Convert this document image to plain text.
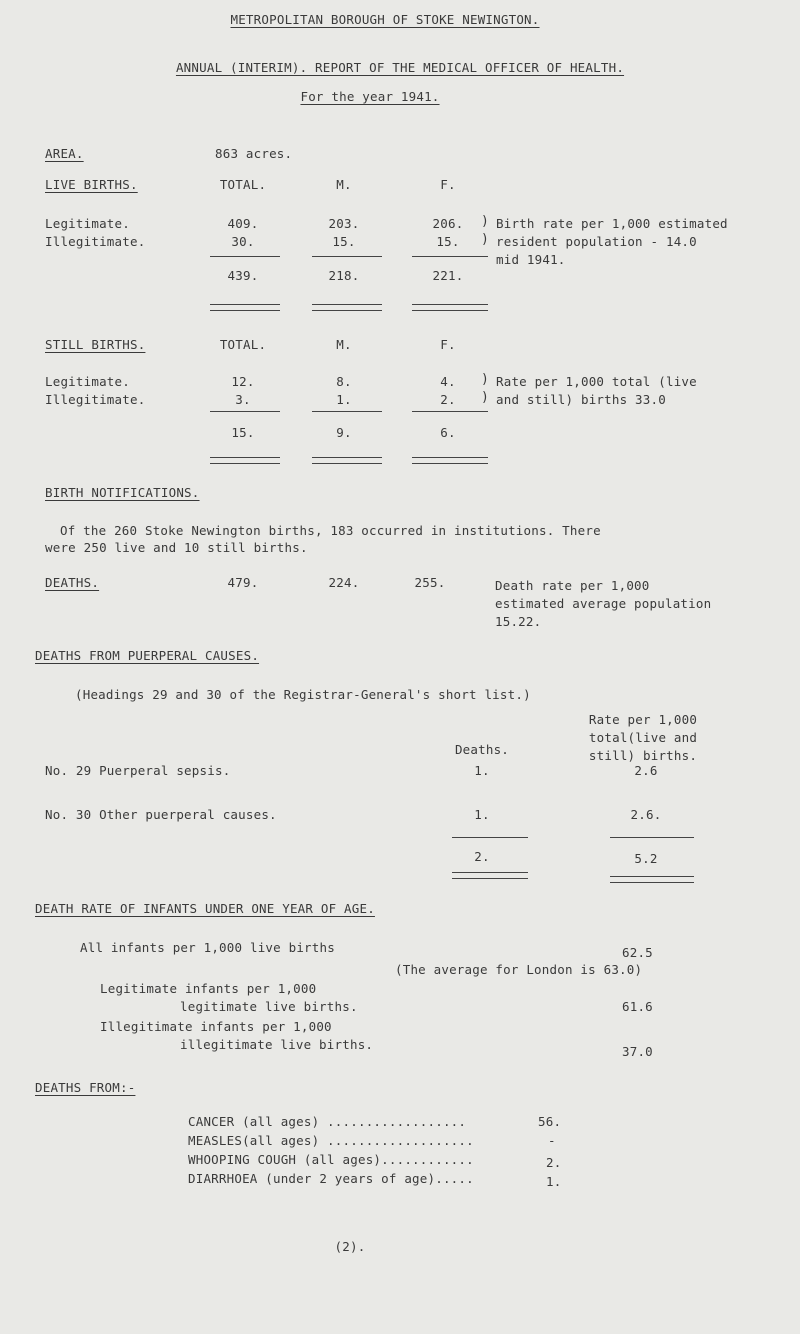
METROPOLITAN BOROUGH OF STOKE NEWINGTON.
ANNUAL (INTERIM). REPORT OF THE MEDICAL OFFICER OF HEALTH.
For the year 1941.
AREA.	863 acres.
LIVE BIRTHS.	TOTAL.	M.	F.
Legitimate.	409.	203.	206.
Illegitimate.	30.	15.	15.
)
)
Birth rate per 1,000 estimated
resident population - 14.0
mid 1941.
439.	218.	221.
STILL BIRTHS.	TOTAL.	M.	F.
Legitimate.	12.	8.	4.
Illegitimate.	3.	1.	2.
)
)
Rate per 1,000 total (live
and still) births 33.0
15.	9.	6.
BIRTH NOTIFICATIONS.
Of the 260 Stoke Newington births, 183 occurred in institutions. There
were 250 live and 10 still births.
DEATHS.	479.	224.	255.	Death rate per 1,000
estimated average population
15.22.
DEATHS FROM PUERPERAL CAUSES.
(Headings 29 and 30 of the Registrar-General's short list.)
Rate per 1,000
total(live and
still) births.
Deaths.
No. 29 Puerperal sepsis.	1.	2.6
No. 30 Other puerperal causes.	1.	2.6.
2.	5.2
DEATH RATE OF INFANTS UNDER ONE YEAR OF AGE.
All infants per 1,000 live births	62.5
(The average for London is 63.0)
Legitimate infants per 1,000
legitimate live births.	61.6
Illegitimate infants per 1,000
illegitimate live births.	37.0
DEATHS FROM:-
CANCER (all ages) ..................	56.
MEASLES(all ages) ...................	-
WHOOPING COUGH (all ages)............	2.
DIARRHOEA (under 2 years of age).....	1.
(2).
